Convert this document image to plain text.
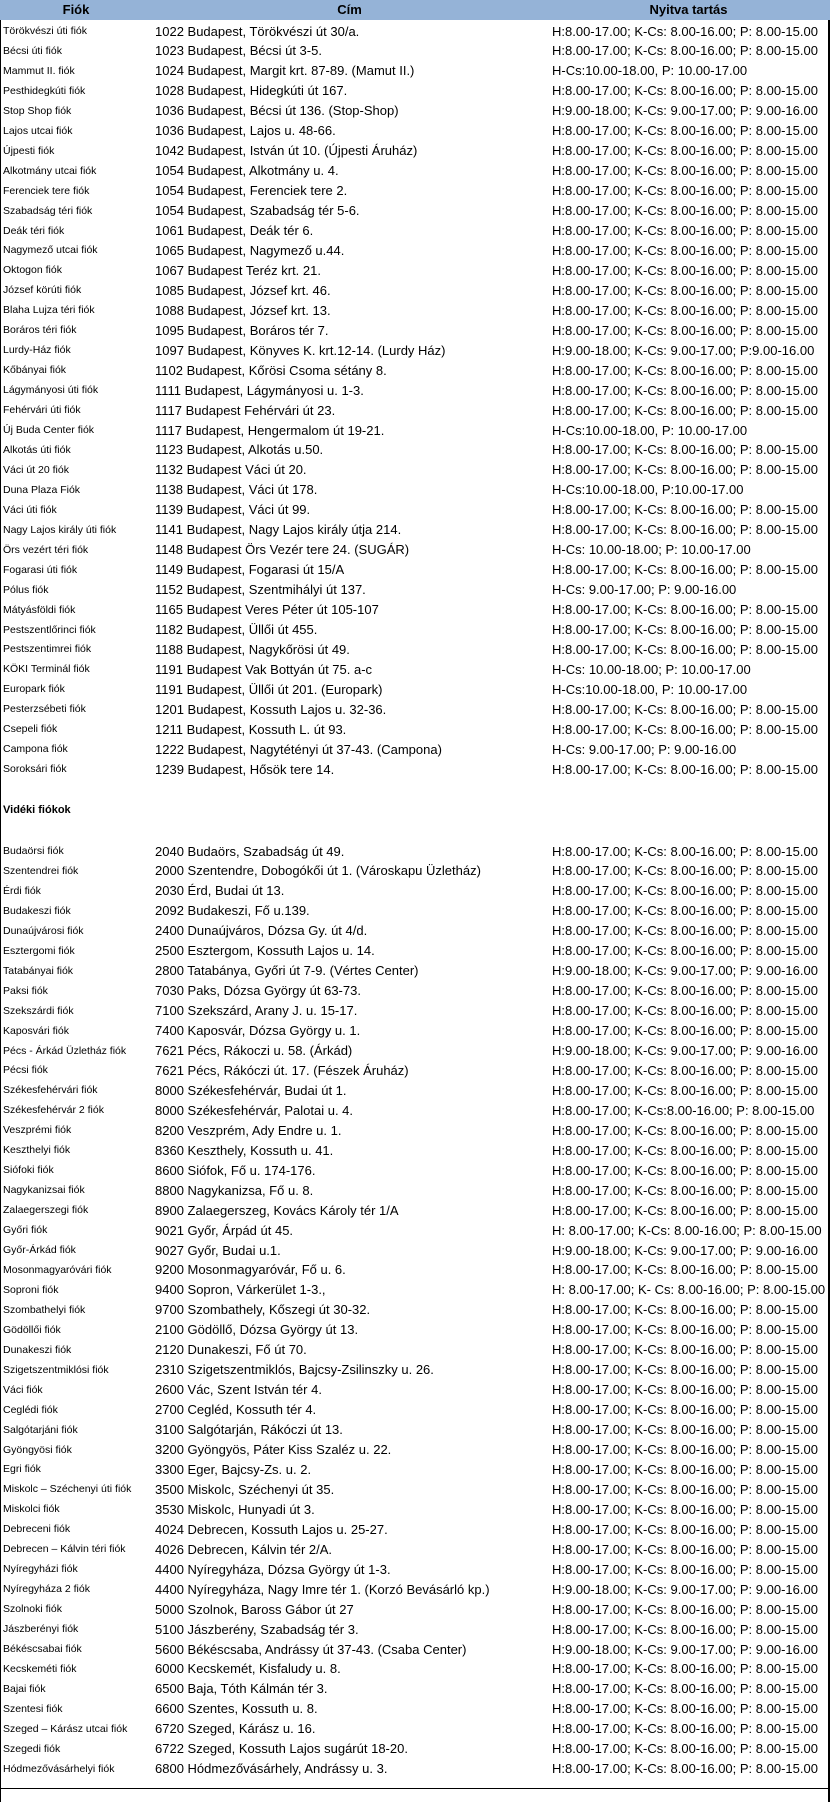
Fiók	Cím	Nyitva tartás
Törökvészi úti fiók	1022 Budapest, Törökvészi út 30/a.	H:8.00-17.00; K-Cs: 8.00-16.00; P: 8.00-15.00
Bécsi úti fiók	1023 Budapest, Bécsi út 3-5.	H:8.00-17.00; K-Cs: 8.00-16.00; P: 8.00-15.00
Mammut II. fiók	1024 Budapest, Margit krt. 87-89. (Mamut II.)	H-Cs:10.00-18.00, P: 10.00-17.00
Pesthidegkúti fiók	1028 Budapest, Hidegkúti út 167.	H:8.00-17.00; K-Cs: 8.00-16.00; P: 8.00-15.00
Stop Shop fiók	1036 Budapest, Bécsi út 136. (Stop-Shop)	H:9.00-18.00; K-Cs: 9.00-17.00; P: 9.00-16.00
Lajos utcai fiók	1036 Budapest, Lajos u. 48-66.	H:8.00-17.00; K-Cs: 8.00-16.00; P: 8.00-15.00
Újpesti fiók	1042 Budapest, István út 10. (Újpesti Áruház)	H:8.00-17.00; K-Cs: 8.00-16.00; P: 8.00-15.00
Alkotmány utcai fiók	1054 Budapest, Alkotmány u. 4.	H:8.00-17.00; K-Cs: 8.00-16.00; P: 8.00-15.00
Ferenciek tere fiók	1054 Budapest, Ferenciek tere 2.	H:8.00-17.00; K-Cs: 8.00-16.00; P: 8.00-15.00
Szabadság téri fiók	1054 Budapest, Szabadság tér 5-6.	H:8.00-17.00; K-Cs: 8.00-16.00; P: 8.00-15.00
Deák téri fiók	1061 Budapest, Deák tér 6.	H:8.00-17.00; K-Cs: 8.00-16.00; P: 8.00-15.00
Nagymező utcai fiók	1065 Budapest, Nagymező u.44.	H:8.00-17.00; K-Cs: 8.00-16.00; P: 8.00-15.00
Oktogon fiók	1067 Budapest Teréz krt. 21.	H:8.00-17.00; K-Cs: 8.00-16.00; P: 8.00-15.00
József körúti fiók	1085 Budapest, József krt. 46.	H:8.00-17.00; K-Cs: 8.00-16.00; P: 8.00-15.00
Blaha Lujza téri fiók	1088 Budapest, József krt. 13.	H:8.00-17.00; K-Cs: 8.00-16.00; P: 8.00-15.00
Boráros téri fiók	1095 Budapest, Boráros tér 7.	H:8.00-17.00; K-Cs: 8.00-16.00; P: 8.00-15.00
Lurdy-Ház fiók	1097 Budapest, Könyves K. krt.12-14. (Lurdy Ház)	H:9.00-18.00; K-Cs: 9.00-17.00; P:9.00-16.00
Kőbányai fiók	1102 Budapest, Kőrösi Csoma sétány 8.	H:8.00-17.00; K-Cs: 8.00-16.00; P: 8.00-15.00
Lágymányosi úti fiók	1111 Budapest, Lágymányosi u. 1-3.	H:8.00-17.00; K-Cs: 8.00-16.00; P: 8.00-15.00
Fehérvári úti fiók	1117 Budapest Fehérvári út 23.	H:8.00-17.00; K-Cs: 8.00-16.00; P: 8.00-15.00
Új Buda Center fiók	1117 Budapest, Hengermalom út 19-21.	H-Cs:10.00-18.00, P: 10.00-17.00
Alkotás úti fiók	1123 Budapest, Alkotás u.50.	H:8.00-17.00; K-Cs: 8.00-16.00; P: 8.00-15.00
Váci út 20 fiók	1132 Budapest Váci út 20.	H:8.00-17.00; K-Cs: 8.00-16.00; P: 8.00-15.00
Duna Plaza Fiók	1138 Budapest, Váci út 178.	H-Cs:10.00-18.00, P:10.00-17.00
Váci úti fiók	1139 Budapest, Váci út 99.	H:8.00-17.00; K-Cs: 8.00-16.00; P: 8.00-15.00
Nagy Lajos király úti fiók	1141 Budapest, Nagy Lajos király útja 214.	H:8.00-17.00; K-Cs: 8.00-16.00; P: 8.00-15.00
Örs vezért téri fiók	1148 Budapest Örs Vezér tere 24. (SUGÁR)	H-Cs: 10.00-18.00; P: 10.00-17.00
Fogarasi úti fiók	1149 Budapest, Fogarasi út 15/A	H:8.00-17.00; K-Cs: 8.00-16.00; P: 8.00-15.00
Pólus fiók	1152 Budapest, Szentmihályi út 137.	H-Cs: 9.00-17.00; P: 9.00-16.00
Mátyásföldi fiók	1165 Budapest Veres Péter út 105-107	H:8.00-17.00; K-Cs: 8.00-16.00; P: 8.00-15.00
Pestszentlőrinci fiók	1182 Budapest, Üllői út 455.	H:8.00-17.00; K-Cs: 8.00-16.00; P: 8.00-15.00
Pestszentimrei fiók	1188 Budapest, Nagykőrösi út 49.	H:8.00-17.00; K-Cs: 8.00-16.00; P: 8.00-15.00
KÖKI Terminál fiók	1191 Budapest Vak Bottyán út 75. a-c	H-Cs: 10.00-18.00; P: 10.00-17.00
Europark fiók	1191 Budapest, Üllői út 201. (Europark)	H-Cs:10.00-18.00, P: 10.00-17.00
Pesterzsébeti fiók	1201 Budapest, Kossuth Lajos u. 32-36.	H:8.00-17.00; K-Cs: 8.00-16.00; P: 8.00-15.00
Csepeli fiók	1211 Budapest, Kossuth L. út 93.	H:8.00-17.00; K-Cs: 8.00-16.00; P: 8.00-15.00
Campona fiók	1222 Budapest, Nagytétényi út 37-43. (Campona)	H-Cs: 9.00-17.00; P: 9.00-16.00
Soroksári fiók	1239 Budapest, Hősök tere 14.	H:8.00-17.00; K-Cs: 8.00-16.00; P: 8.00-15.00
Budaörsi fiók	2040 Budaörs, Szabadság út 49.	H:8.00-17.00; K-Cs: 8.00-16.00; P: 8.00-15.00
Szentendrei fiók	2000 Szentendre, Dobogókői út 1. (Városkapu Üzletház)	H:8.00-17.00; K-Cs: 8.00-16.00; P: 8.00-15.00
Érdi fiók	2030 Érd, Budai út 13.	H:8.00-17.00; K-Cs: 8.00-16.00; P: 8.00-15.00
Budakeszi fiók	2092 Budakeszi, Fő u.139.	H:8.00-17.00; K-Cs: 8.00-16.00; P: 8.00-15.00
Dunaújvárosi fiók	2400 Dunaújváros, Dózsa Gy. út 4/d.	H:8.00-17.00; K-Cs: 8.00-16.00; P: 8.00-15.00
Esztergomi fiók	2500 Esztergom, Kossuth Lajos u. 14.	H:8.00-17.00; K-Cs: 8.00-16.00; P: 8.00-15.00
Tatabányai fiók	2800 Tatabánya, Győri út 7-9. (Vértes Center)	H:9.00-18.00; K-Cs: 9.00-17.00; P: 9.00-16.00
Paksi fiók	7030 Paks, Dózsa György út 63-73.	H:8.00-17.00; K-Cs: 8.00-16.00; P: 8.00-15.00
Szekszárdi fiók	7100 Szekszárd, Arany J. u. 15-17.	H:8.00-17.00; K-Cs: 8.00-16.00; P: 8.00-15.00
Kaposvári fiók	7400 Kaposvár, Dózsa György u. 1.	H:8.00-17.00; K-Cs: 8.00-16.00; P: 8.00-15.00
Pécs - Árkád Üzletház fiók	7621 Pécs, Rákoczi u. 58. (Árkád)	H:9.00-18.00; K-Cs: 9.00-17.00; P: 9.00-16.00
Pécsi fiók	7621 Pécs, Rákóczi út. 17. (Fészek Áruház)	H:8.00-17.00; K-Cs: 8.00-16.00; P: 8.00-15.00
Székesfehérvári fiók	8000 Székesfehérvár, Budai út 1.	H:8.00-17.00; K-Cs: 8.00-16.00; P: 8.00-15.00
Székesfehérvár 2 fiók	8000 Székesfehérvár, Palotai u. 4.	H:8.00-17.00; K-Cs:8.00-16.00; P: 8.00-15.00
Veszprémi fiók	8200 Veszprém, Ady Endre u. 1.	H:8.00-17.00; K-Cs: 8.00-16.00; P: 8.00-15.00
Keszthelyi fiók	8360 Keszthely, Kossuth u. 41.	H:8.00-17.00; K-Cs: 8.00-16.00; P: 8.00-15.00
Siófoki fiók	8600 Siófok, Fő u. 174-176.	H:8.00-17.00; K-Cs: 8.00-16.00; P: 8.00-15.00
Nagykanizsai fiók	8800 Nagykanizsa, Fő u. 8.	H:8.00-17.00; K-Cs: 8.00-16.00; P: 8.00-15.00
Zalaegerszegi fiók	8900 Zalaegerszeg, Kovács Károly tér 1/A	H:8.00-17.00; K-Cs: 8.00-16.00; P: 8.00-15.00
Győri fiók	9021 Győr, Árpád út 45.	H: 8.00-17.00; K-Cs: 8.00-16.00; P: 8.00-15.00
Győr-Árkád fiók	9027 Győr, Budai u.1.	H:9.00-18.00; K-Cs: 9.00-17.00; P: 9.00-16.00
Mosonmagyaróvári fiók	9200 Mosonmagyaróvár, Fő u. 6.	H:8.00-17.00; K-Cs: 8.00-16.00; P: 8.00-15.00
Soproni fiók	9400 Sopron, Várkerület 1-3.,	H: 8.00-17.00; K- Cs: 8.00-16.00; P: 8.00-15.00
Szombathelyi fiók	9700 Szombathely, Kőszegi út 30-32.	H:8.00-17.00; K-Cs: 8.00-16.00; P: 8.00-15.00
Gödöllői fiók	2100 Gödöllő, Dózsa György út 13.	H:8.00-17.00; K-Cs: 8.00-16.00; P: 8.00-15.00
Dunakeszi fiók	2120 Dunakeszi, Fő út 70.	H:8.00-17.00; K-Cs: 8.00-16.00; P: 8.00-15.00
Szigetszentmiklósi fiók	2310 Szigetszentmiklós, Bajcsy-Zsilinszky u. 26.	H:8.00-17.00; K-Cs: 8.00-16.00; P: 8.00-15.00
Váci fiók	2600 Vác, Szent István tér 4.	H:8.00-17.00; K-Cs: 8.00-16.00; P: 8.00-15.00
Ceglédi fiók	2700 Cegléd, Kossuth tér 4.	H:8.00-17.00; K-Cs: 8.00-16.00; P: 8.00-15.00
Salgótarjáni fiók	3100 Salgótarján, Rákóczi út 13.	H:8.00-17.00; K-Cs: 8.00-16.00; P: 8.00-15.00
Gyöngyösi fiók	3200 Gyöngyös, Páter Kiss Szaléz u. 22.	H:8.00-17.00; K-Cs: 8.00-16.00; P: 8.00-15.00
Egri fiók	3300 Eger, Bajcsy-Zs. u. 2.	H:8.00-17.00; K-Cs: 8.00-16.00; P: 8.00-15.00
Miskolc – Széchenyi úti fiók	3500 Miskolc, Széchenyi út 35.	H:8.00-17.00; K-Cs: 8.00-16.00; P: 8.00-15.00
Miskolci fiók	3530 Miskolc, Hunyadi út 3.	H:8.00-17.00; K-Cs: 8.00-16.00; P: 8.00-15.00
Debreceni fiók	4024 Debrecen, Kossuth Lajos u. 25-27.	H:8.00-17.00; K-Cs: 8.00-16.00; P: 8.00-15.00
Debrecen – Kálvin téri fiók	4026 Debrecen, Kálvin tér 2/A.	H:8.00-17.00; K-Cs: 8.00-16.00; P: 8.00-15.00
Nyíregyházi fiók	4400 Nyíregyháza, Dózsa György út 1-3.	H:8.00-17.00; K-Cs: 8.00-16.00; P: 8.00-15.00
Nyíregyháza 2 fiók	4400 Nyíregyháza, Nagy Imre tér 1. (Korzó Bevásárló kp.)	H:9.00-18.00; K-Cs: 9.00-17.00; P: 9.00-16.00
Szolnoki fiók	5000 Szolnok, Baross Gábor út 27	H:8.00-17.00; K-Cs: 8.00-16.00; P: 8.00-15.00
Jászberényi fiók	5100 Jászberény, Szabadság tér 3.	H:8.00-17.00; K-Cs: 8.00-16.00; P: 8.00-15.00
Békéscsabai fiók	5600 Békéscsaba, Andrássy út 37-43. (Csaba Center)	H:9.00-18.00; K-Cs: 9.00-17.00; P: 9.00-16.00
Kecskeméti fiók	6000 Kecskemét, Kisfaludy u. 8.	H:8.00-17.00; K-Cs: 8.00-16.00; P: 8.00-15.00
Bajai fiók	6500 Baja, Tóth Kálmán tér 3.	H:8.00-17.00; K-Cs: 8.00-16.00; P: 8.00-15.00
Szentesi fiók	6600 Szentes, Kossuth u. 8.	H:8.00-17.00; K-Cs: 8.00-16.00; P: 8.00-15.00
Szeged – Kárász utcai fiók	6720 Szeged, Kárász u. 16.	H:8.00-17.00; K-Cs: 8.00-16.00; P: 8.00-15.00
Szegedi fiók	6722 Szeged, Kossuth Lajos sugárút 18-20.	H:8.00-17.00; K-Cs: 8.00-16.00; P: 8.00-15.00
Hódmezővásárhelyi fiók	6800 Hódmezővásárhely, Andrássy u. 3.	H:8.00-17.00; K-Cs: 8.00-16.00; P: 8.00-15.00
Vidéki fiókok
